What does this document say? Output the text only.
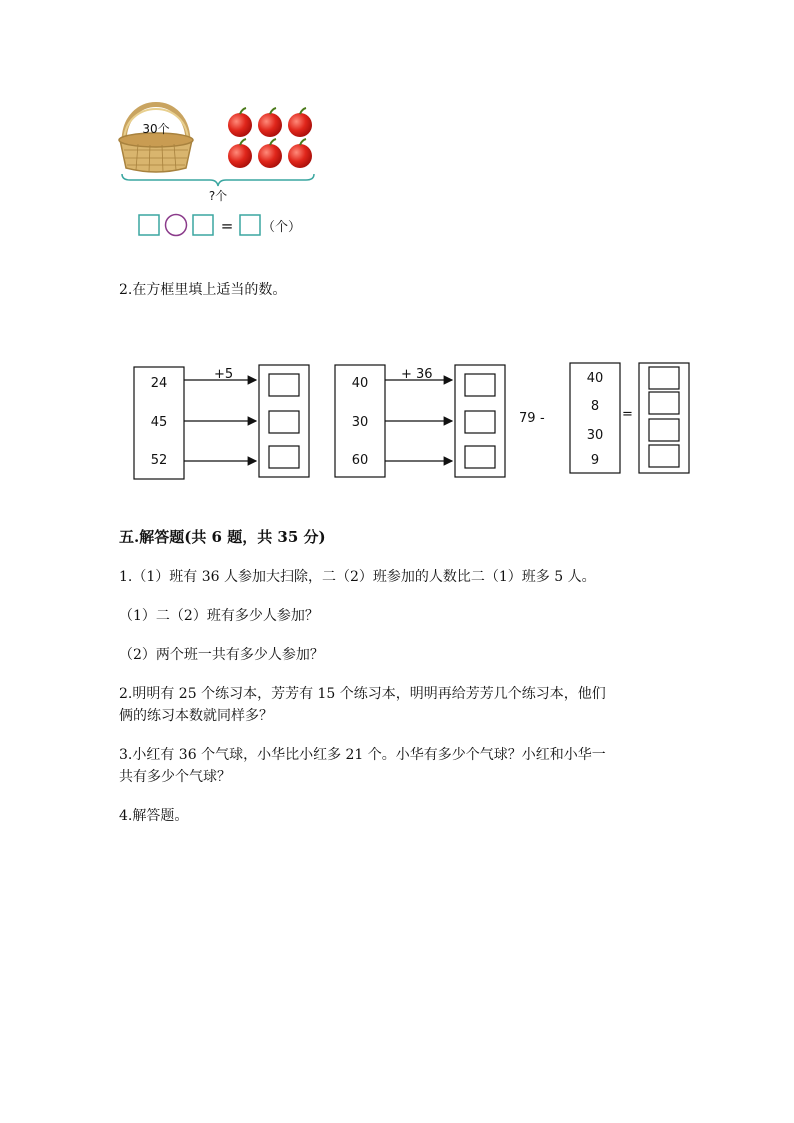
30个
?个
= （个）
2.在方框里填上适当的数。
+5
24
45
52
+ 36
40
30
60
79 -
40
8
30
9
=
五.解答题(共 6 题，共 35 分)
1.（1）班有 36 人参加大扫除，二（2）班参加的人数比二（1）班多 5 人。
（1）二（2）班有多少人参加？
（2）两个班一共有多少人参加？
2.明明有 25 个练习本，芳芳有 15 个练习本，明明再给芳芳几个练习本，他们
俩的练习本数就同样多？
3.小红有 36 个气球，小华比小红多 21 个。小华有多少个气球？小红和小华一
共有多少个气球？
4.解答题。
